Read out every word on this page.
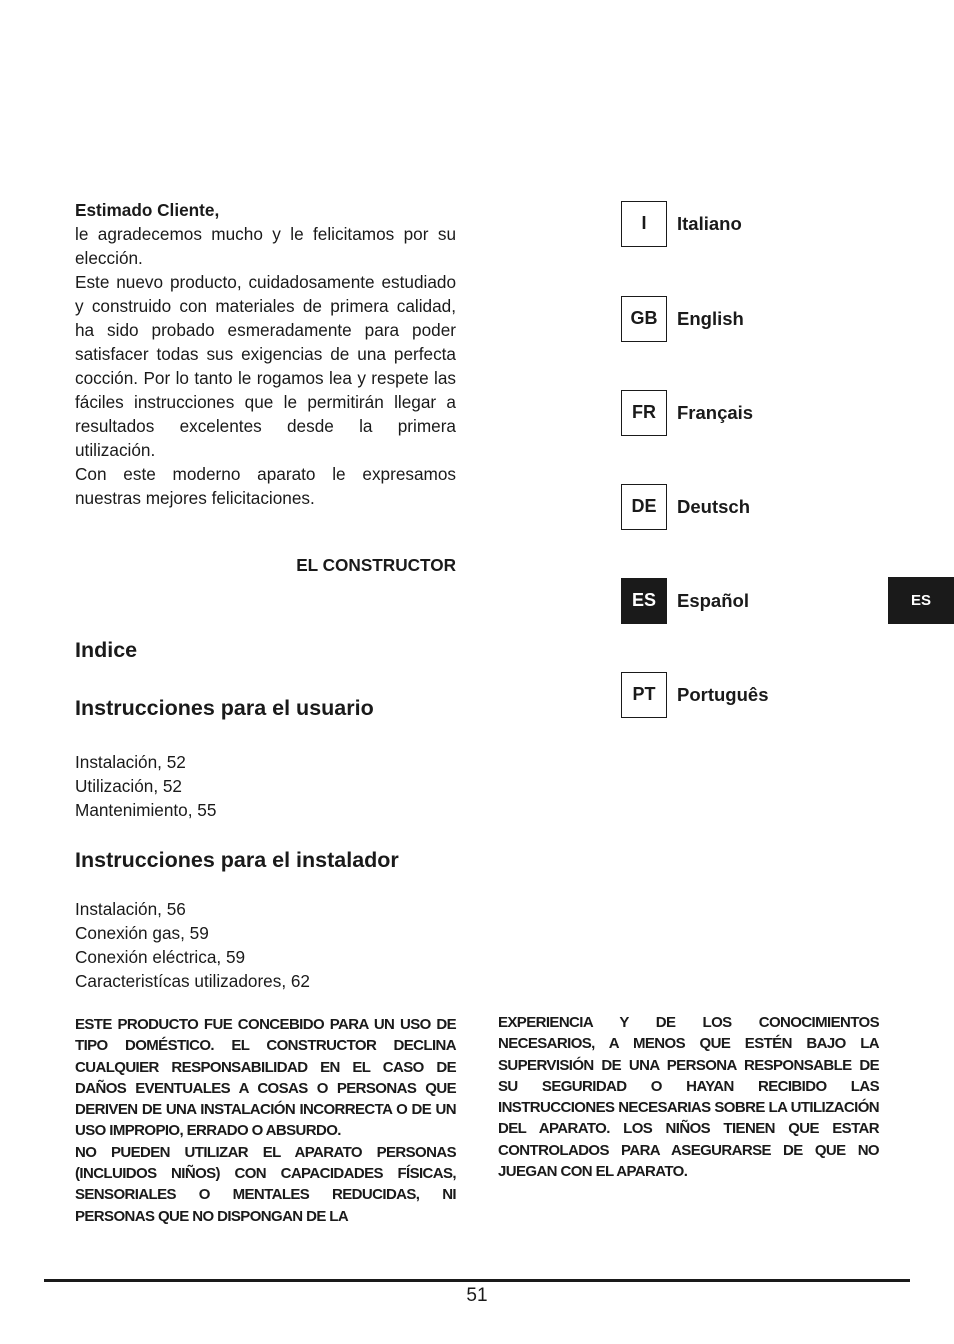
Estimado Cliente,

le agradecemos mucho y le felicitamos por su elección.

Este nuevo producto, cuidadosamente estudiado y construido con materiales de primera calidad, ha sido probado esmeradamente para poder satisfacer todas sus exigencias de una perfecta cocción. Por lo tanto le rogamos lea y respete las fáciles instrucciones que le permitirán llegar a resultados excelentes desde la primera utilización.

Con este moderno aparato le expresamos nuestras mejores felicitaciones.

EL CONSTRUCTOR
Indice
Instrucciones para el usuario
Instalación, 52
Utilización, 52
Mantenimiento, 55
Instrucciones para el instalador
Instalación, 56
Conexión gas, 59
Conexión eléctrica, 59
Caracteristícas utilizadores, 62
I	Italiano
GB	English
FR	Français
DE	Deutsch
ES	Español
PT	Português
ES

ESTE PRODUCTO FUE CONCEBIDO PARA UN USO DE TIPO DOMÉSTICO. EL CONSTRUCTOR DECLINA CUALQUIER RESPONSABILIDAD EN EL CASO DE DAÑOS EVENTUALES A COSAS O PERSONAS QUE DERIVEN DE UNA INSTALACIÓN INCORRECTA O DE UN USO IMPROPIO, ERRADO O ABSURDO.

NO PUEDEN UTILIZAR EL APARATO PERSONAS (INCLUIDOS NIÑOS) CON CAPACIDADES FÍSICAS, SENSORIALES O MENTALES REDUCIDAS, NI PERSONAS QUE NO DISPONGAN DE LA

EXPERIENCIA Y DE LOS CONOCIMIENTOS NECESARIOS, A MENOS QUE ESTÉN BAJO LA SUPERVISIÓN DE UNA PERSONA RESPONSABLE DE SU SEGURIDAD O HAYAN RECIBIDO LAS INSTRUCCIONES NECESARIAS SOBRE LA UTILIZACIÓN DEL APARATO. LOS NIÑOS TIENEN QUE ESTAR CONTROLADOS PARA ASEGURARSE DE QUE NO JUEGAN CON EL APARATO.

51
